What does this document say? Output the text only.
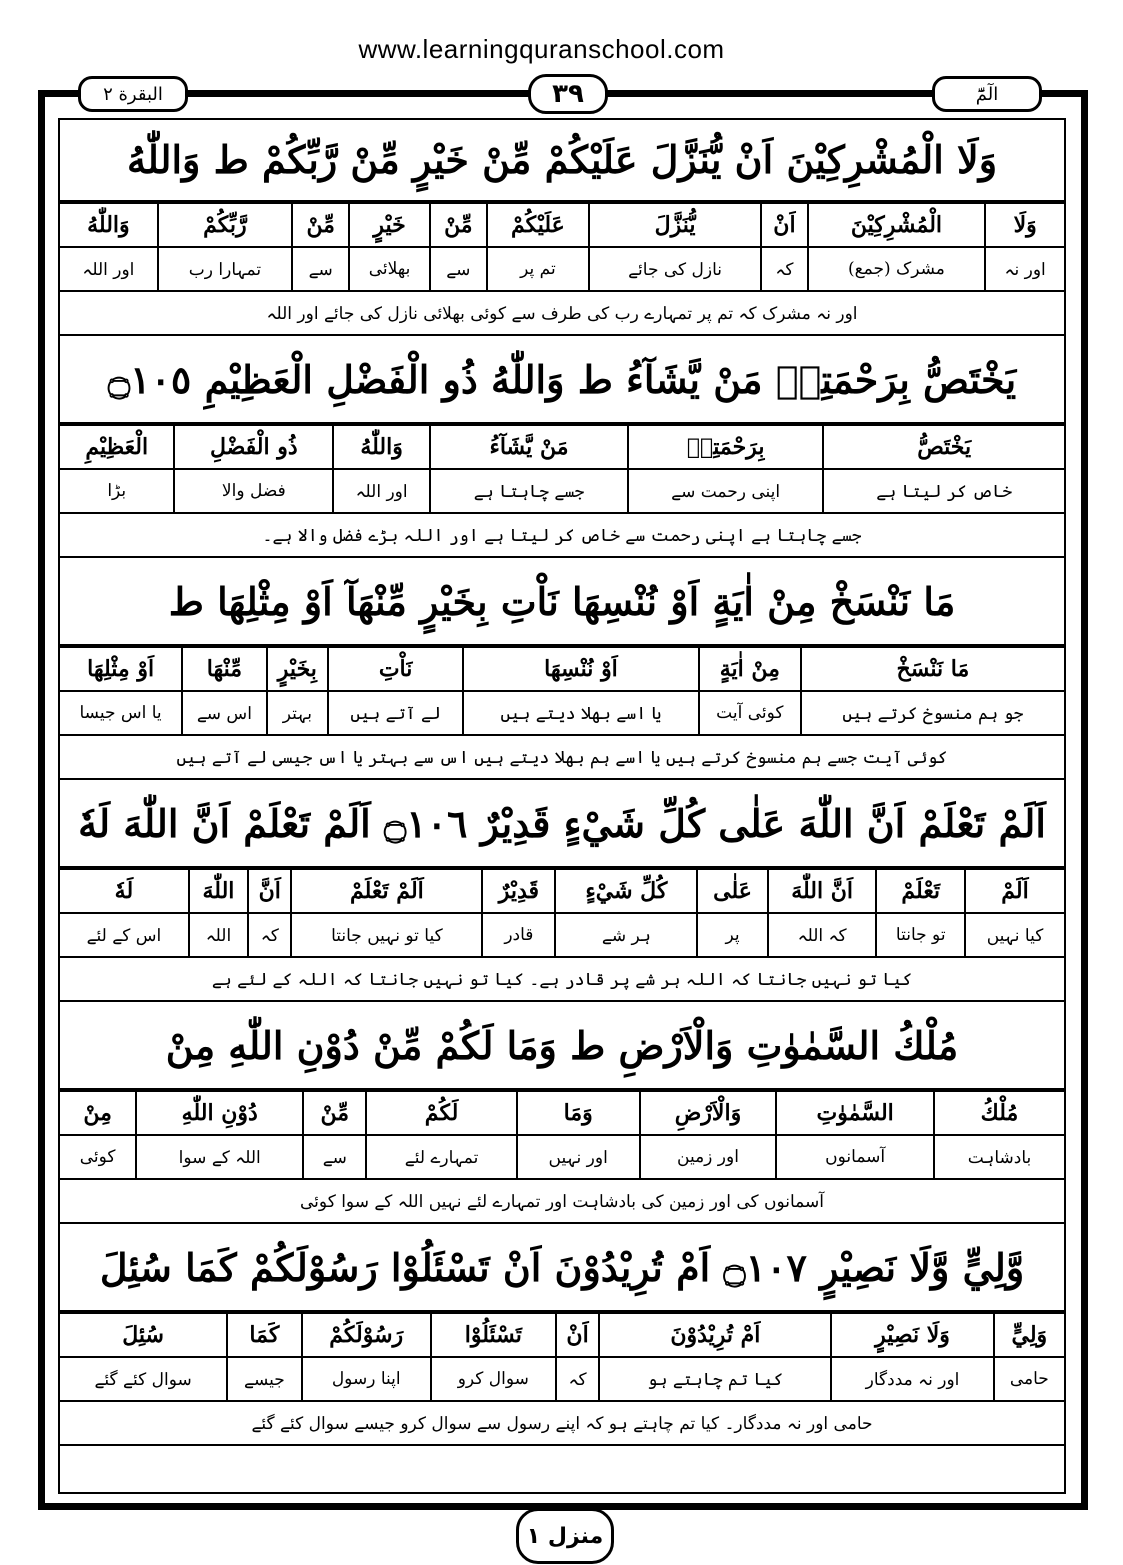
www.learningquranschool.com
البقرة ٢	٣٩	الٓمّٓ
وَلَا الْمُشْرِكِيْنَ اَنْ يُّنَزَّلَ عَلَيْكُمْ مِّنْ خَيْرٍ مِّنْ رَّبِّكُمْ ط وَاللّٰهُ
وَلَا	الْمُشْرِكِيْنَ	اَنْ	يُّنَزَّلَ	عَلَيْكُمْ	مِّنْ	خَيْرٍ	مِّنْ	رَّبِّكُمْ	وَاللّٰهُ
اور نہ	مشرک (جمع)	کہ	نازل کی جائے	تم پر	سے	بھلائی	سے	تمہارا رب	اور اللہ
اور نہ مشرک کہ تم پر تمہارے رب کی طرف سے کوئی بھلائی نازل کی جائے اور اللہ
يَخْتَصُّ بِرَحْمَتِهٖ مَنْ يَّشَآءُ ط وَاللّٰهُ ذُو الْفَضْلِ الْعَظِيْمِ ۝١٠٥
يَخْتَصُّ	بِرَحْمَتِهٖ	مَنْ يَّشَآءُ	وَاللّٰهُ	ذُو الْفَضْلِ	الْعَظِيْمِ
خاص کر لیتا ہے	اپنی رحمت سے	جسے چاہتا ہے	اور اللہ	فضل والا	بڑا
جسے چاہتا ہے اپنی رحمت سے خاص کر لیتا ہے اور اللہ بڑے فضل والا ہے۔
مَا نَنْسَخْ مِنْ اٰيَةٍ اَوْ نُنْسِهَا نَاْتِ بِخَيْرٍ مِّنْهَآ اَوْ مِثْلِهَا ط
مَا نَنْسَخْ	مِنْ اٰيَةٍ	اَوْ نُنْسِهَا	نَاْتِ	بِخَيْرٍ	مِّنْهَا	اَوْ مِثْلِهَا
جو ہم منسوخ کرتے ہیں	کوئی آیت	یا اسے بھلا دیتے ہیں	لے آتے ہیں	بہتر	اس سے	یا اس جیسا
کوئی آیت جسے ہم منسوخ کرتے ہیں یا اسے ہم بھلا دیتے ہیں اس سے بہتر یا اس جیسی لے آتے ہیں
اَلَمْ تَعْلَمْ اَنَّ اللّٰهَ عَلٰى كُلِّ شَيْءٍ قَدِيْرٌ ۝١٠٦ اَلَمْ تَعْلَمْ اَنَّ اللّٰهَ لَهٗ
اَلَمْ	تَعْلَمْ	اَنَّ اللّٰهَ	عَلٰى	كُلِّ شَيْءٍ	قَدِيْرٌ	اَلَمْ تَعْلَمْ	اَنَّ	اللّٰهَ	لَهٗ
کیا نہیں	تو جانتا	کہ اللہ	پر	ہر شے	قادر	کیا تو نہیں جانتا	کہ	اللہ	اس کے لئے
کیا تو نہیں جانتا کہ اللہ ہر شے پر قادر ہے۔ کیا تو نہیں جانتا کہ اللہ کے لئے ہے
مُلْكُ السَّمٰوٰتِ وَالْاَرْضِ ط وَمَا لَكُمْ مِّنْ دُوْنِ اللّٰهِ مِنْ
مُلْكُ	السَّمٰوٰتِ	وَالْاَرْضِ	وَمَا	لَكُمْ	مِّنْ	دُوْنِ اللّٰهِ	مِنْ
بادشاہت	آسمانوں	اور زمین	اور نہیں	تمہارے لئے	سے	اللہ کے سوا	کوئی
آسمانوں کی اور زمین کی بادشاہت اور تمہارے لئے نہیں اللہ کے سوا کوئی
وَّلِيٍّ وَّلَا نَصِيْرٍ ۝١٠٧ اَمْ تُرِيْدُوْنَ اَنْ تَسْئَلُوْا رَسُوْلَكُمْ كَمَا سُئِلَ
وَلِيٍّ	وَلَا نَصِيْرٍ	اَمْ تُرِيْدُوْنَ	اَنْ	تَسْئَلُوْا	رَسُوْلَكُمْ	كَمَا	سُئِلَ
حامی	اور نہ مددگار	کیا تم چاہتے ہو	کہ	سوال کرو	اپنا رسول	جیسے	سوال کئے گئے
حامی اور نہ مددگار۔ کیا تم چاہتے ہو کہ اپنے رسول سے سوال کرو جیسے سوال کئے گئے
منزل ١
